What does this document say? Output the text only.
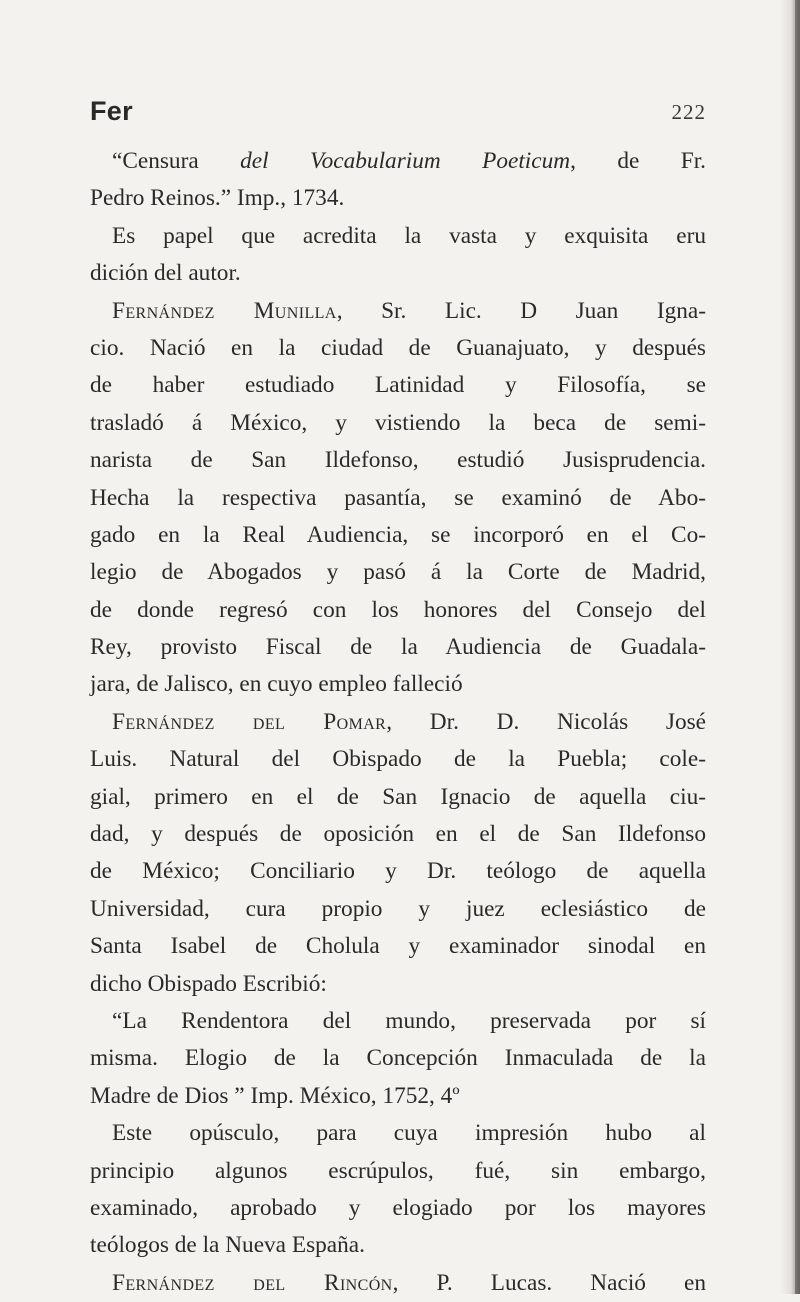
Fer	222
“Censura del Vocabularium Poeticum, de Fr.
Pedro Reinos.” Imp., 1734.
Es papel que acredita la vasta y exquisita eru
dición del autor.
Fernández Munilla, Sr. Lic. D Juan Igna-
cio. Nació en la ciudad de Guanajuato, y después
de haber estudiado Latinidad y Filosofía, se
trasladó á México, y vistiendo la beca de semi-
narista de San Ildefonso, estudió Jusisprudencia.
Hecha la respectiva pasantía, se examinó de Abo-
gado en la Real Audiencia, se incorporó en el Co-
legio de Abogados y pasó á la Corte de Madrid,
de donde regresó con los honores del Consejo del
Rey, provisto Fiscal de la Audiencia de Guadala-
jara, de Jalisco, en cuyo empleo falleció
Fernández del Pomar, Dr. D. Nicolás José
Luis. Natural del Obispado de la Puebla; cole-
gial, primero en el de San Ignacio de aquella ciu-
dad, y después de oposición en el de San Ildefonso
de México; Conciliario y Dr. teólogo de aquella
Universidad, cura propio y juez eclesiástico de
Santa Isabel de Cholula y examinador sinodal en
dicho Obispado Escribió:
“La Rendentora del mundo, preservada por sí
misma. Elogio de la Concepción Inmaculada de la
Madre de Dios ” Imp. México, 1752, 4º
Este opúsculo, para cuya impresión hubo al
principio algunos escrúpulos, fué, sin embargo,
examinado, aprobado y elogiado por los mayores
teólogos de la Nueva España.
Fernández del Rincón, P. Lucas. Nació en
